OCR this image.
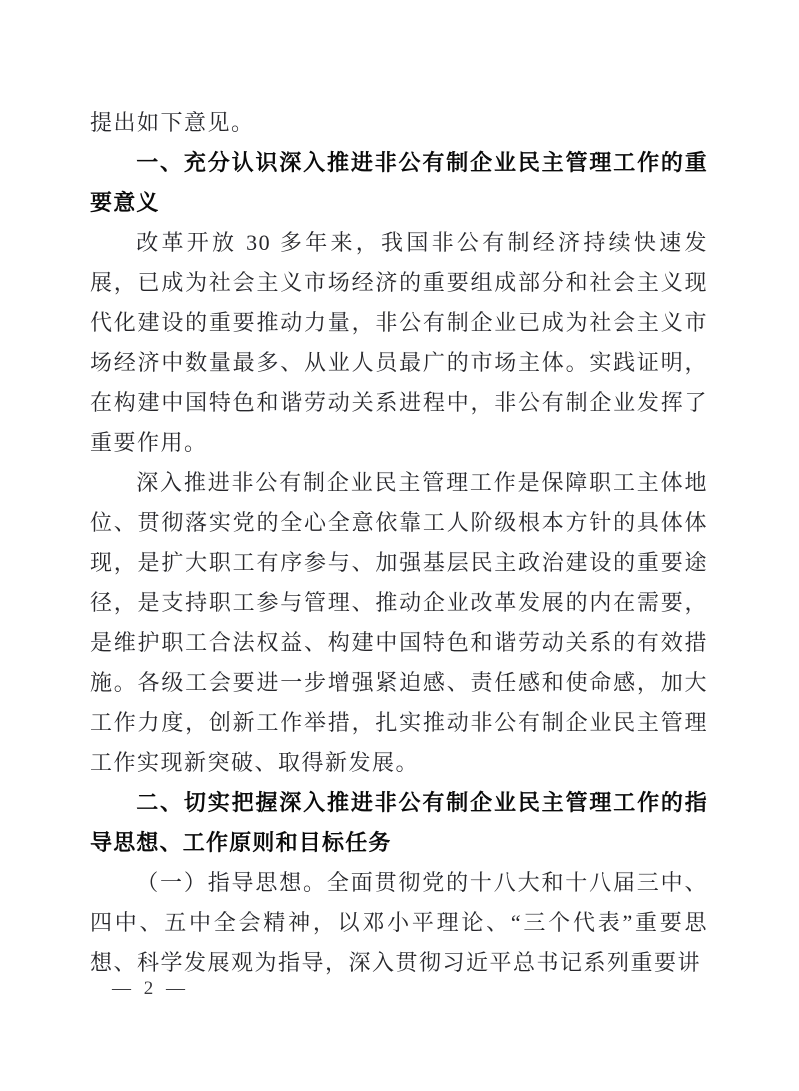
提出如下意见。

一、充分认识深入推进非公有制企业民主管理工作的重要意义

改革开放 30 多年来，我国非公有制经济持续快速发展，已成为社会主义市场经济的重要组成部分和社会主义现代化建设的重要推动力量，非公有制企业已成为社会主义市场经济中数量最多、从业人员最广的市场主体。实践证明，在构建中国特色和谐劳动关系进程中，非公有制企业发挥了重要作用。

深入推进非公有制企业民主管理工作是保障职工主体地位、贯彻落实党的全心全意依靠工人阶级根本方针的具体体现，是扩大职工有序参与、加强基层民主政治建设的重要途径，是支持职工参与管理、推动企业改革发展的内在需要，是维护职工合法权益、构建中国特色和谐劳动关系的有效措施。各级工会要进一步增强紧迫感、责任感和使命感，加大工作力度，创新工作举措，扎实推动非公有制企业民主管理工作实现新突破、取得新发展。

二、切实把握深入推进非公有制企业民主管理工作的指导思想、工作原则和目标任务

（一）指导思想。全面贯彻党的十八大和十八届三中、四中、五中全会精神，以邓小平理论、“三个代表”重要思想、科学发展观为指导，深入贯彻习近平总书记系列重要讲

— 2 —
